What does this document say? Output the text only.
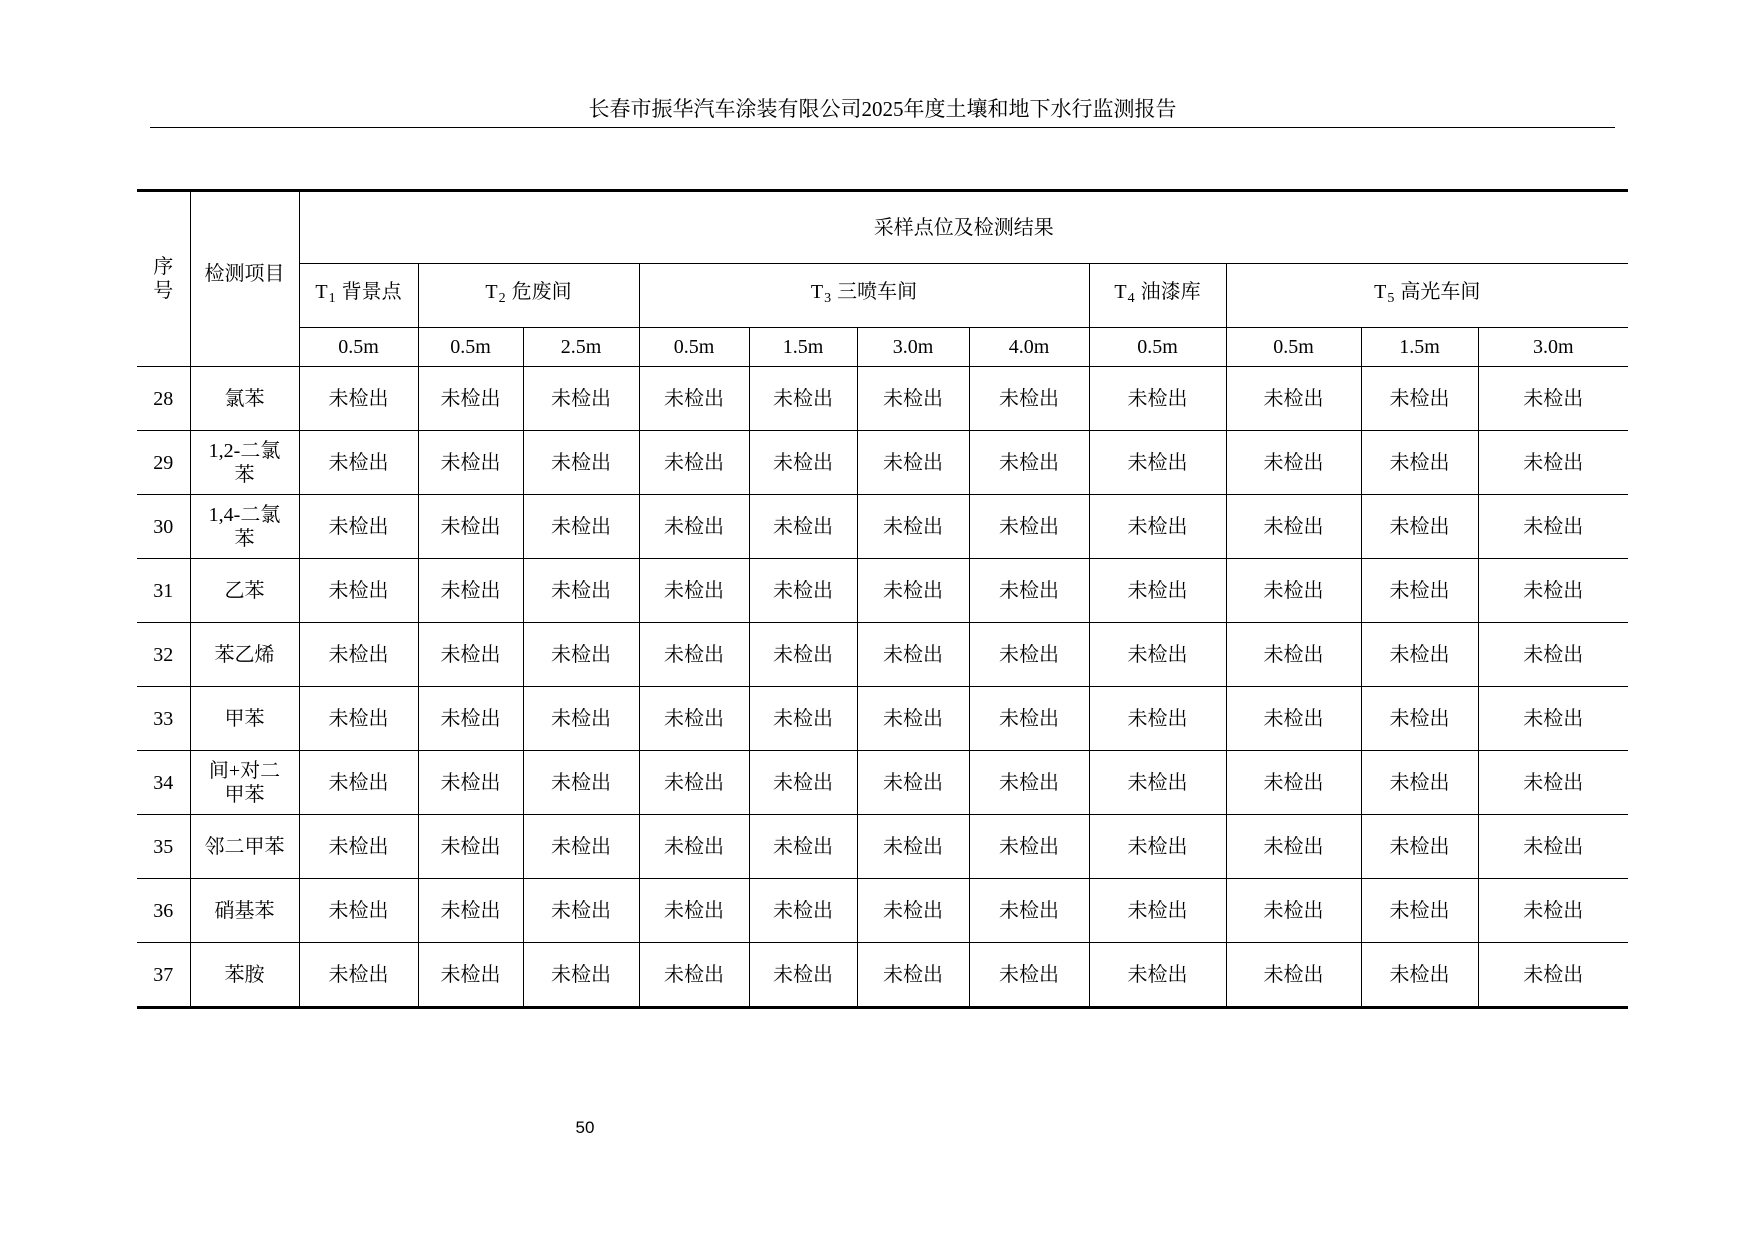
长春市振华汽车涂装有限公司2025年度土壤和地下水行监测报告
序号	检测项目	采样点位及检测结果										
		$T_1$ 背景点	$T_2$ 危废间		$T_3$ 三喷车间				$T_4$ 油漆库	$T_5$ 高光车间		
		0.5m	0.5m	2.5m	0.5m	1.5m	3.0m	4.0m	0.5m	0.5m	1.5m	3.0m
28	氯苯	未检出	未检出	未检出	未检出	未检出	未检出	未检出	未检出	未检出	未检出	未检出
29	1,2-二氯苯	未检出	未检出	未检出	未检出	未检出	未检出	未检出	未检出	未检出	未检出	未检出
30	1,4-二氯苯	未检出	未检出	未检出	未检出	未检出	未检出	未检出	未检出	未检出	未检出	未检出
31	乙苯	未检出	未检出	未检出	未检出	未检出	未检出	未检出	未检出	未检出	未检出	未检出
32	苯乙烯	未检出	未检出	未检出	未检出	未检出	未检出	未检出	未检出	未检出	未检出	未检出
33	甲苯	未检出	未检出	未检出	未检出	未检出	未检出	未检出	未检出	未检出	未检出	未检出
34	间+对二甲苯	未检出	未检出	未检出	未检出	未检出	未检出	未检出	未检出	未检出	未检出	未检出
35	邻二甲苯	未检出	未检出	未检出	未检出	未检出	未检出	未检出	未检出	未检出	未检出	未检出
36	硝基苯	未检出	未检出	未检出	未检出	未检出	未检出	未检出	未检出	未检出	未检出	未检出
37	苯胺	未检出	未检出	未检出	未检出	未检出	未检出	未检出	未检出	未检出	未检出	未检出
50
